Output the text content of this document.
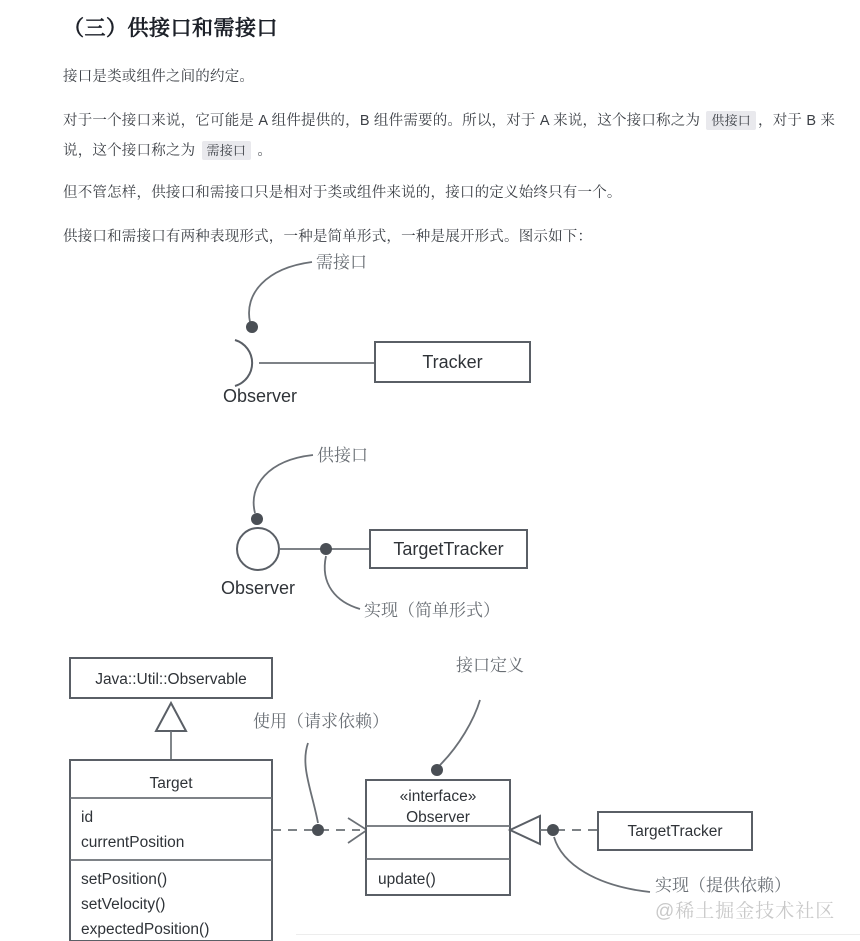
（三）供接口和需接口

接口是类或组件之间的约定。

对于一个接口来说，它可能是 A 组件提供的，B 组件需要的。所以，对于 A 来说，这个接口称之为 供接口 ，对于 B 来说，这个接口称之为 需接口 。

但不管怎样，供接口和需接口只是相对于类或组件来说的，接口的定义始终只有一个。

供接口和需接口有两种表现形式，一种是简单形式，一种是展开形式。图示如下：

Tracker
Observer
需接口
TargetTracker
Observer
供接口
实现（简单形式）
Java::Util::Observable
Target
id
currentPosition
setPosition()
setVelocity()
expectedPosition()
使用（请求依赖）
«interface»
Observer
update()
接口定义
TargetTracker
实现（提供依赖）
@稀土掘金技术社区
